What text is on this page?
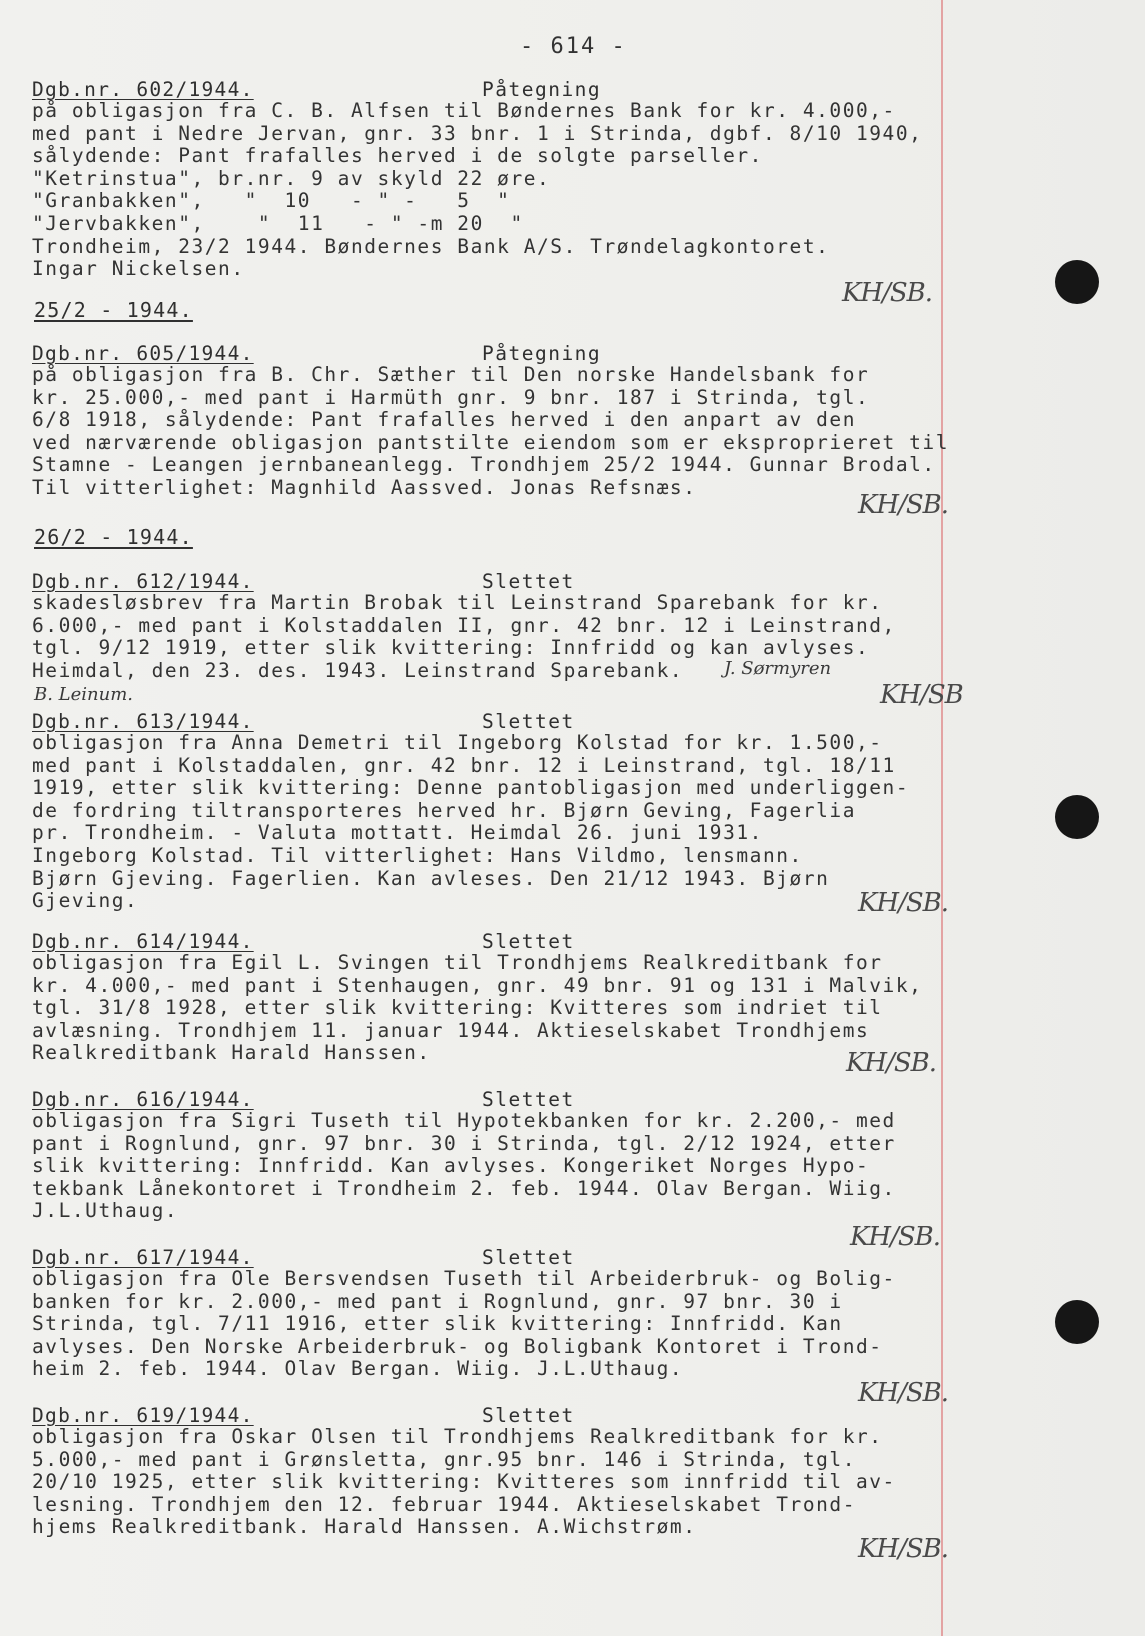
- 614 -
Dgb.nr. 602/1944.	Påtegning
på obligasjon fra C. B. Alfsen til Bøndernes Bank for kr. 4.000,-
med pant i Nedre Jervan, gnr. 33 bnr. 1 i Strinda, dgbf. 8/10 1940,
sålydende: Pant frafalles herved i de solgte parseller.
"Ketrinstua", br.nr. 9 av skyld 22 øre.
"Granbakken",   "  10   - " -   5  "
"Jervbakken",    "  11   - " -m 20  "
Trondheim, 23/2 1944. Bøndernes Bank A/S. Trøndelagkontoret.
Ingar Nickelsen.
KH/SB.
25/2 - 1944.
Dgb.nr. 605/1944.	Påtegning
på obligasjon fra B. Chr. Sæther til Den norske Handelsbank for
kr. 25.000,- med pant i Harmüth gnr. 9 bnr. 187 i Strinda, tgl.
6/8 1918, sålydende: Pant frafalles herved i den anpart av den
ved nærværende obligasjon pantstilte eiendom som er eksproprieret til
Stamne - Leangen jernbaneanlegg. Trondhjem 25/2 1944. Gunnar Brodal.
Til vitterlighet: Magnhild Aassved. Jonas Refsnæs.
KH/SB.
26/2 - 1944.
Dgb.nr. 612/1944.	Slettet
skadesløsbrev fra Martin Brobak til Leinstrand Sparebank for kr.
6.000,- med pant i Kolstaddalen II, gnr. 42 bnr. 12 i Leinstrand,
tgl. 9/12 1919, etter slik kvittering: Innfridd og kan avlyses.
Heimdal, den 23. des. 1943. Leinstrand Sparebank.	J. Sørmyren
B. Leinum.	KH/SB
Dgb.nr. 613/1944.	Slettet
obligasjon fra Anna Demetri til Ingeborg Kolstad for kr. 1.500,-
med pant i Kolstaddalen, gnr. 42 bnr. 12 i Leinstrand, tgl. 18/11
1919, etter slik kvittering: Denne pantobligasjon med underliggen-
de fordring tiltransporteres herved hr. Bjørn Geving, Fagerlia
pr. Trondheim. - Valuta mottatt. Heimdal 26. juni 1931.
Ingeborg Kolstad. Til vitterlighet: Hans Vildmo, lensmann.
Bjørn Gjeving. Fagerlien. Kan avleses. Den 21/12 1943. Bjørn
Gjeving.	KH/SB.
Dgb.nr. 614/1944.	Slettet
obligasjon fra Egil L. Svingen til Trondhjems Realkreditbank for
kr. 4.000,- med pant i Stenhaugen, gnr. 49 bnr. 91 og 131 i Malvik,
tgl. 31/8 1928, etter slik kvittering: Kvitteres som indriet til
avlæsning. Trondhjem 11. januar 1944. Aktieselskabet Trondhjems
Realkreditbank Harald Hanssen.	KH/SB.
Dgb.nr. 616/1944.	Slettet
obligasjon fra Sigri Tuseth til Hypotekbanken for kr. 2.200,- med
pant i Rognlund, gnr. 97 bnr. 30 i Strinda, tgl. 2/12 1924, etter
slik kvittering: Innfridd. Kan avlyses. Kongeriket Norges Hypo-
tekbank Lånekontoret i Trondheim 2. feb. 1944. Olav Bergan. Wiig.
J.L.Uthaug.
KH/SB.
Dgb.nr. 617/1944.	Slettet
obligasjon fra Ole Bersvendsen Tuseth til Arbeiderbruk- og Bolig-
banken for kr. 2.000,- med pant i Rognlund, gnr. 97 bnr. 30 i
Strinda, tgl. 7/11 1916, etter slik kvittering: Innfridd. Kan
avlyses. Den Norske Arbeiderbruk- og Boligbank Kontoret i Trond-
heim 2. feb. 1944. Olav Bergan. Wiig. J.L.Uthaug.
KH/SB.
Dgb.nr. 619/1944.	Slettet
obligasjon fra Oskar Olsen til Trondhjems Realkreditbank for kr.
5.000,- med pant i Grønsletta, gnr.95 bnr. 146 i Strinda, tgl.
20/10 1925, etter slik kvittering: Kvitteres som innfridd til av-
lesning. Trondhjem den 12. februar 1944. Aktieselskabet Trond-
hjems Realkreditbank. Harald Hanssen. A.Wichstrøm.
KH/SB.
